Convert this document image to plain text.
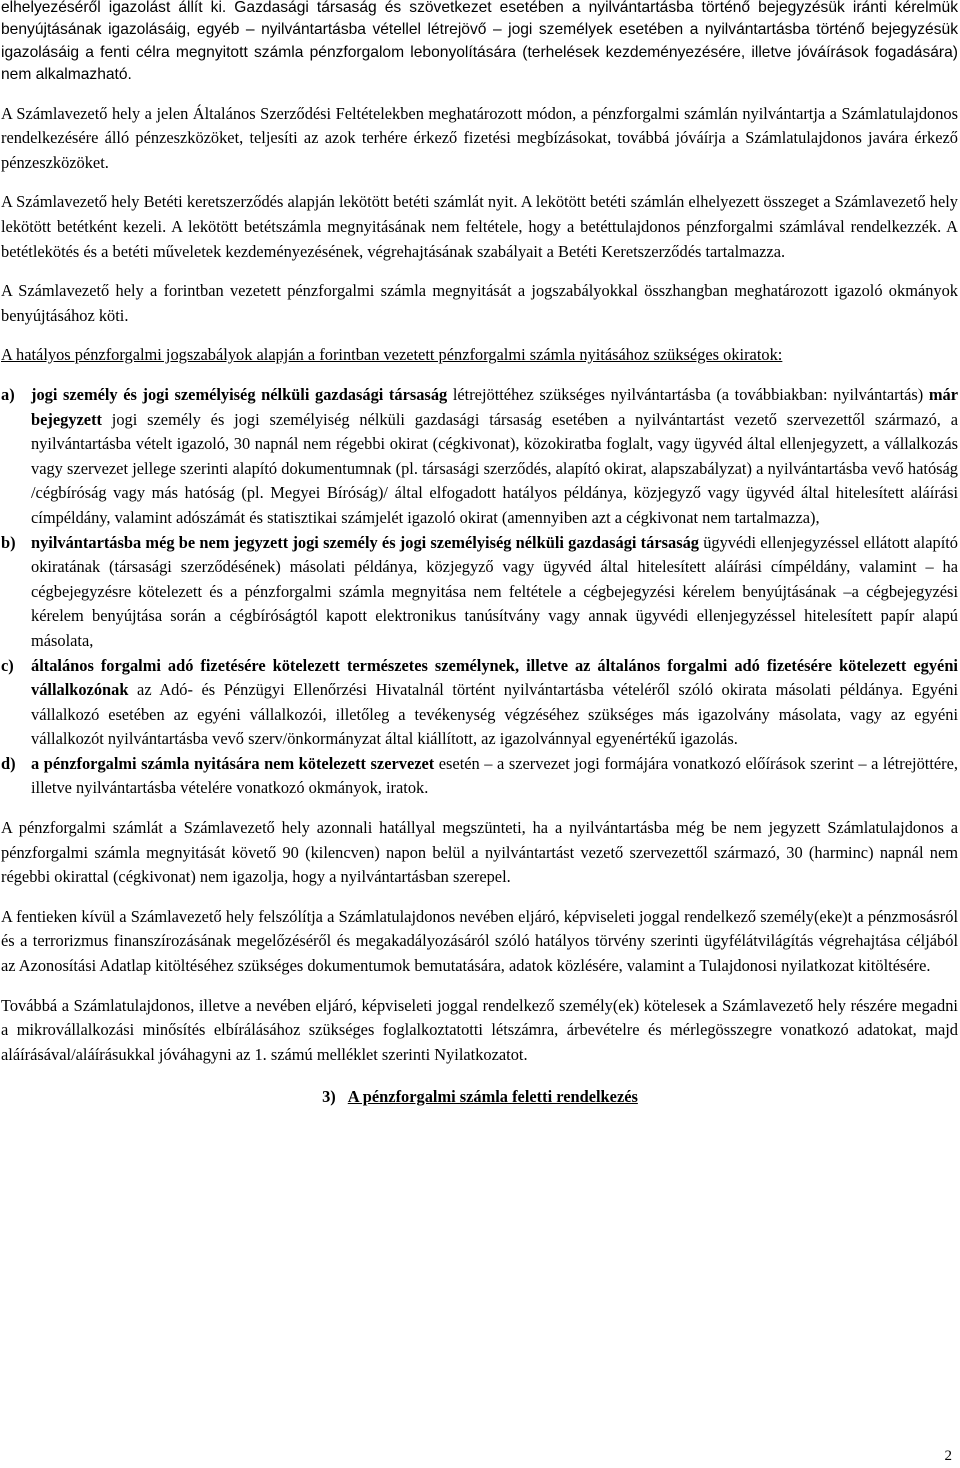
elhelyezéséről igazolást állít ki. Gazdasági társaság és szövetkezet esetében a nyilvántartásba történő bejegyzésük iránti kérelmük benyújtásának igazolásáig, egyéb – nyilvántartásba vétellel létrejövő – jogi személyek esetében a nyilvántartásba történő bejegyzésük igazolásáig a fenti célra megnyitott számla pénzforgalom lebonyolítására (terhelések kezdeményezésére, illetve jóváírások fogadására) nem alkalmazható.

A Számlavezető hely a jelen Általános Szerződési Feltételekben meghatározott módon, a pénzforgalmi számlán nyilvántartja a Számlatulajdonos rendelkezésére álló pénzeszközöket, teljesíti az azok terhére érkező fizetési megbízásokat, továbbá jóváírja a Számlatulajdonos javára érkező pénzeszközöket.

A Számlavezető hely Betéti keretszerződés alapján lekötött betéti számlát nyit. A lekötött betéti számlán elhelyezett összeget a Számlavezető hely lekötött betétként kezeli. A lekötött betétszámla megnyitásának nem feltétele, hogy a betéttulajdonos pénzforgalmi számlával rendelkezzék. A betétlekötés és a betéti műveletek kezdeményezésének, végrehajtásának szabályait a Betéti Keretszerződés tartalmazza.

A Számlavezető hely a forintban vezetett pénzforgalmi számla megnyitását a jogszabályokkal összhangban meghatározott igazoló okmányok benyújtásához köti.

A hatályos pénzforgalmi jogszabályok alapján a forintban vezetett pénzforgalmi számla nyitásához szükséges okiratok:

a) jogi személy és jogi személyiség nélküli gazdasági társaság létrejöttéhez szükséges nyilvántartásba (a továbbiakban: nyilvántartás) már bejegyzett jogi személy és jogi személyiség nélküli gazdasági társaság esetében a nyilvántartást vezető szervezettől származó, a nyilvántartásba vételt igazoló, 30 napnál nem régebbi okirat (cégkivonat), közokiratba foglalt, vagy ügyvéd által ellenjegyzett, a vállalkozás vagy szervezet jellege szerinti alapító dokumentumnak (pl. társasági szerződés, alapító okirat, alapszabályzat) a nyilvántartásba vevő hatóság /cégbíróság vagy más hatóság (pl. Megyei Bíróság)/ által elfogadott hatályos példánya, közjegyző vagy ügyvéd által hitelesített aláírási címpéldány, valamint adószámát és statisztikai számjelét igazoló okirat (amennyiben azt a cégkivonat nem tartalmazza),
b) nyilvántartásba még be nem jegyzett jogi személy és jogi személyiség nélküli gazdasági társaság ügyvédi ellenjegyzéssel ellátott alapító okiratának (társasági szerződésének) másolati példánya, közjegyző vagy ügyvéd által hitelesített aláírási címpéldány, valamint – ha cégbejegyzésre kötelezett és a pénzforgalmi számla megnyitása nem feltétele a cégbejegyzési kérelem benyújtásának –a cégbejegyzési kérelem benyújtása során a cégbíróságtól kapott elektronikus tanúsítvány vagy annak ügyvédi ellenjegyzéssel hitelesített papír alapú másolata,
c) általános forgalmi adó fizetésére kötelezett természetes személynek, illetve az általános forgalmi adó fizetésére kötelezett egyéni vállalkozónak az Adó- és Pénzügyi Ellenőrzési Hivatalnál történt nyilvántartásba vételéről szóló okirata másolati példánya. Egyéni vállalkozó esetében az egyéni vállalkozói, illetőleg a tevékenység végzéséhez szükséges más igazolvány másolata, vagy az egyéni vállalkozót nyilvántartásba vevő szerv/önkormányzat által kiállított, az igazolvánnyal egyenértékű igazolás.
d) a pénzforgalmi számla nyitására nem kötelezett szervezet esetén – a szervezet jogi formájára vonatkozó előírások szerint – a létrejöttére, illetve nyilvántartásba vételére vonatkozó okmányok, iratok.

A pénzforgalmi számlát a Számlavezető hely azonnali hatállyal megszünteti, ha a nyilvántartásba még be nem jegyzett Számlatulajdonos a pénzforgalmi számla megnyitását követő 90 (kilencven) napon belül a nyilvántartást vezető szervezettől származó, 30 (harminc) napnál nem régebbi okirattal (cégkivonat) nem igazolja, hogy a nyilvántartásban szerepel.

A fentieken kívül a Számlavezető hely felszólítja a Számlatulajdonos nevében eljáró, képviseleti joggal rendelkező személy(eke)t a pénzmosásról és a terrorizmus finanszírozásának megelőzéséről és megakadályozásáról szóló hatályos törvény szerinti ügyfélátvilágítás végrehajtása céljából az Azonosítási Adatlap kitöltéséhez szükséges dokumentumok bemutatására, adatok közlésére, valamint a Tulajdonosi nyilatkozat kitöltésére.

Továbbá a Számlatulajdonos, illetve a nevében eljáró, képviseleti joggal rendelkező személy(ek) kötelesek a Számlavezető hely részére megadni a mikrovállalkozási minősítés elbírálásához szükséges foglalkoztatotti létszámra, árbevételre és mérlegösszegre vonatkozó adatokat, majd aláírásával/aláírásukkal jóváhagyni az 1. számú melléklet szerinti Nyilatkozatot.

3) A pénzforgalmi számla feletti rendelkezés
2
